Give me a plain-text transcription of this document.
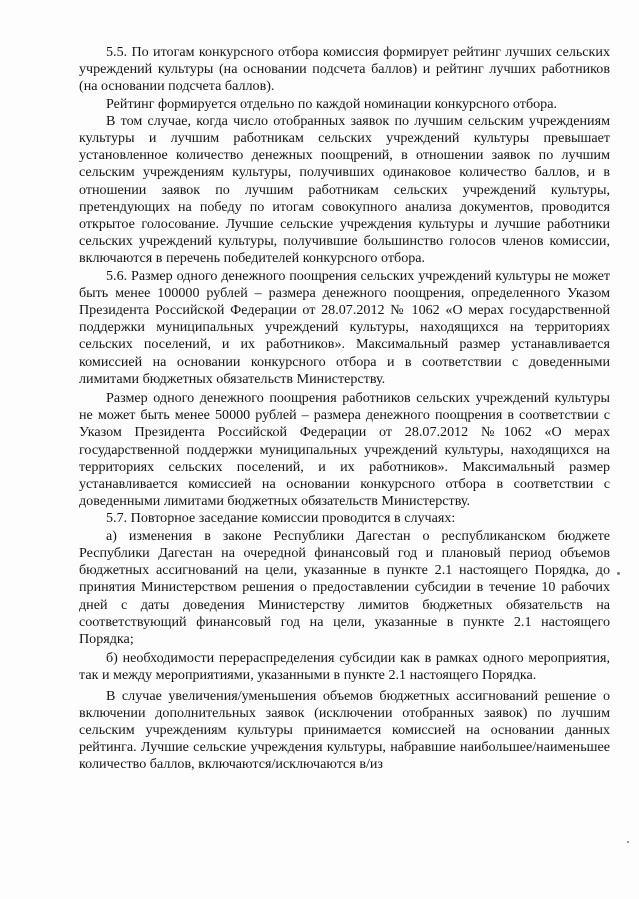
5.5. По итогам конкурсного отбора комиссия формирует рейтинг лучших сельских учреждений культуры (на основании подсчета баллов) и рейтинг лучших работников (на основании подсчета баллов).

Рейтинг формируется отдельно по каждой номинации конкурсного отбора.

В том случае, когда число отобранных заявок по лучшим сельским учреждениям культуры и лучшим работникам сельских учреждений культуры превышает установленное количество денежных поощрений, в отношении заявок по лучшим сельским учреждениям культуры, получивших одинаковое количество баллов, и в отношении заявок по лучшим работникам сельских учреждений культуры, претендующих на победу по итогам совокупного анализа документов, проводится открытое голосование. Лучшие сельские учреждения культуры и лучшие работники сельских учреждений культуры, получившие большинство голосов членов комиссии, включаются в перечень победителей конкурсного отбора.

5.6. Размер одного денежного поощрения сельских учреждений культуры не может быть менее 100000 рублей – размера денежного поощрения, определенного Указом Президента Российской Федерации от 28.07.2012 № 1062 «О мерах государственной поддержки муниципальных учреждений культуры, находящихся на территориях сельских поселений, и их работников». Максимальный размер устанавливается комиссией на основании конкурсного отбора и в соответствии с доведенными лимитами бюджетных обязательств Министерству.

Размер одного денежного поощрения работников сельских учреждений культуры не может быть менее 50000 рублей – размера денежного поощрения в соответствии с Указом Президента Российской Федерации от 28.07.2012 №1062 «О мерах государственной поддержки муниципальных учреждений культуры, находящихся на территориях сельских поселений, и их работников». Максимальный размер устанавливается комиссией на основании конкурсного отбора в соответствии с доведенными лимитами бюджетных обязательств Министерству.

5.7. Повторное заседание комиссии проводится в случаях:

а) изменения в законе Республики Дагестан о республиканском бюджете Республики Дагестан на очередной финансовый год и плановый период объемов бюджетных ассигнований на цели, указанные в пункте 2.1 настоящего Порядка, до принятия Министерством решения о предоставлении субсидии в течение 10 рабочих дней с даты доведения Министерству лимитов бюджетных обязательств на соответствующий финансовый год на цели, указанные в пункте 2.1 настоящего Порядка;

б) необходимости перераспределения субсидии как в рамках одного мероприятия, так и между мероприятиями, указанными в пункте 2.1 настоящего Порядка.

В случае увеличения/уменьшения объемов бюджетных ассигнований решение о включении дополнительных заявок (исключении отобранных заявок) по лучшим сельским учреждениям культуры принимается комиссией на основании данных рейтинга. Лучшие сельские учреждения культуры, набравшие наибольшее/наименьшее количество баллов, включаются/исключаются в/из
